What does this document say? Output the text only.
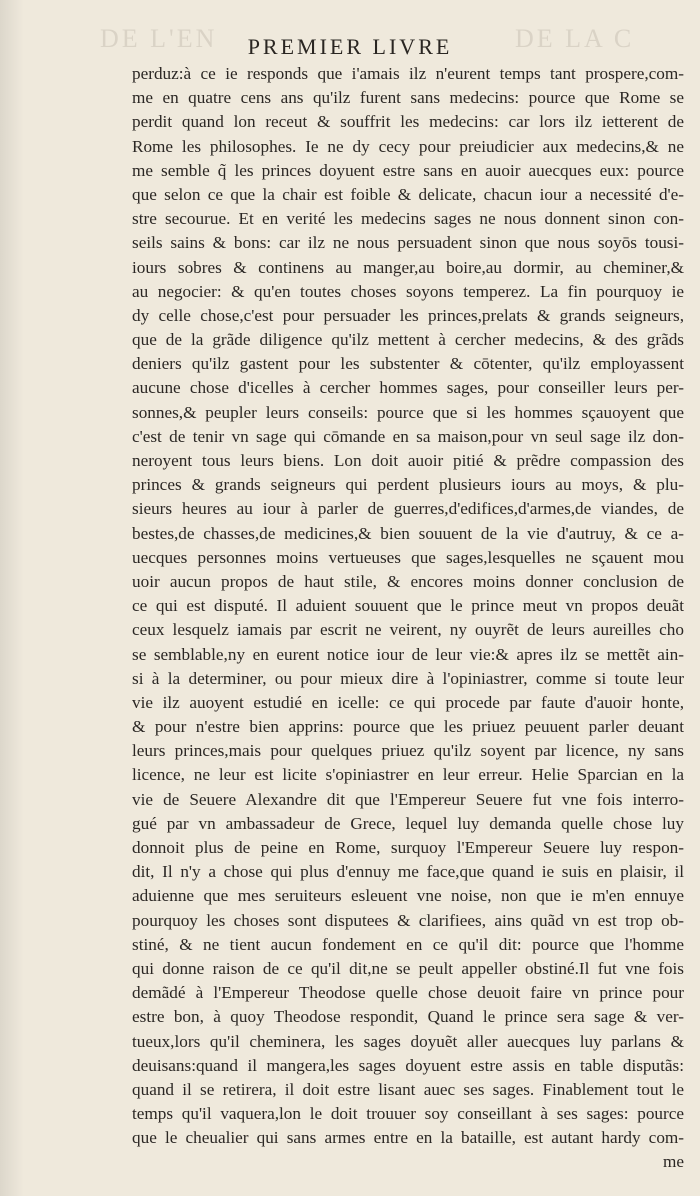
DE L'EN	DE LA C
PREMIER LIVRE
perduz:à ce ie responds que i'amais ilz n'eurent temps tant prospere,com-
me en quatre cens ans qu'ilz furent sans medecins: pource que Rome se
perdit quand lon receut & souffrit les medecins: car lors ilz ietterent de
Rome les philosophes. Ie ne dy cecy pour preiudicier aux medecins,& ne
me semble q̃ les princes doyuent estre sans en auoir auecques eux: pource
que selon ce que la chair est foible & delicate, chacun iour a necessité d'e-
stre secourue. Et en verité les medecins sages ne nous donnent sinon con-
seils sains & bons: car ilz ne nous persuadent sinon que nous soyōs tousi-
iours sobres & continens au manger,au boire,au dormir, au cheminer,&
au negocier: & qu'en toutes choses soyons temperez. La fin pourquoy ie
dy celle chose,c'est pour persuader les princes,prelats & grands seigneurs,
que de la grãde diligence qu'ilz mettent à cercher medecins, & des grãds
deniers qu'ilz gastent pour les substenter & cōtenter, qu'ilz employassent
aucune chose d'icelles à cercher hommes sages, pour conseiller leurs per-
sonnes,& peupler leurs conseils: pource que si les hommes sçauoyent que
c'est de tenir vn sage qui cōmande en sa maison,pour vn seul sage ilz don-
neroyent tous leurs biens. Lon doit auoir pitié & prẽdre compassion des
princes & grands seigneurs qui perdent plusieurs iours au moys, & plu-
sieurs heures au iour à parler de guerres,d'edifices,d'armes,de viandes, de
bestes,de chasses,de medicines,& bien souuent de la vie d'autruy, & ce a-
uecques personnes moins vertueuses que sages,lesquelles ne sçauent mou
uoir aucun propos de haut stile, & encores moins donner conclusion de
ce qui est disputé. Il aduient souuent que le prince meut vn propos deuãt
ceux lesquelz iamais par escrit ne veirent, ny ouyrẽt de leurs aureilles cho
se semblable,ny en eurent notice iour de leur vie:& apres ilz se mettẽt ain-
si à la determiner, ou pour mieux dire à l'opiniastrer, comme si toute leur
vie ilz auoyent estudié en icelle: ce qui procede par faute d'auoir honte,
& pour n'estre bien apprins: pource que les priuez peuuent parler deuant
leurs princes,mais pour quelques priuez qu'ilz soyent par licence, ny sans
licence, ne leur est licite s'opiniastrer en leur erreur. Helie Sparcian en la
vie de Seuere Alexandre dit que l'Empereur Seuere fut vne fois interro-
gué par vn ambassadeur de Grece, lequel luy demanda quelle chose luy
donnoit plus de peine en Rome, surquoy l'Empereur Seuere luy respon-
dit, Il n'y a chose qui plus d'ennuy me face,que quand ie suis en plaisir, il
aduienne que mes seruiteurs esleuent vne noise, non que ie m'en ennuye
pourquoy les choses sont disputees & clarifiees, ains quãd vn est trop ob-
stiné, & ne tient aucun fondement en ce qu'il dit: pource que l'homme
qui donne raison de ce qu'il dit,ne se peult appeller obstiné.Il fut vne fois
demãdé à l'Empereur Theodose quelle chose deuoit faire vn prince pour
estre bon, à quoy Theodose respondit, Quand le prince sera sage & ver-
tueux,lors qu'il cheminera, les sages doyuẽt aller auecques luy parlans &
deuisans:quand il mangera,les sages doyuent estre assis en table disputãs:
quand il se retirera, il doit estre lisant auec ses sages. Finablement tout le
temps qu'il vaquera,lon le doit trouuer soy conseillant à ses sages: pource
que le cheualier qui sans armes entre en la bataille, est autant hardy com-
me
